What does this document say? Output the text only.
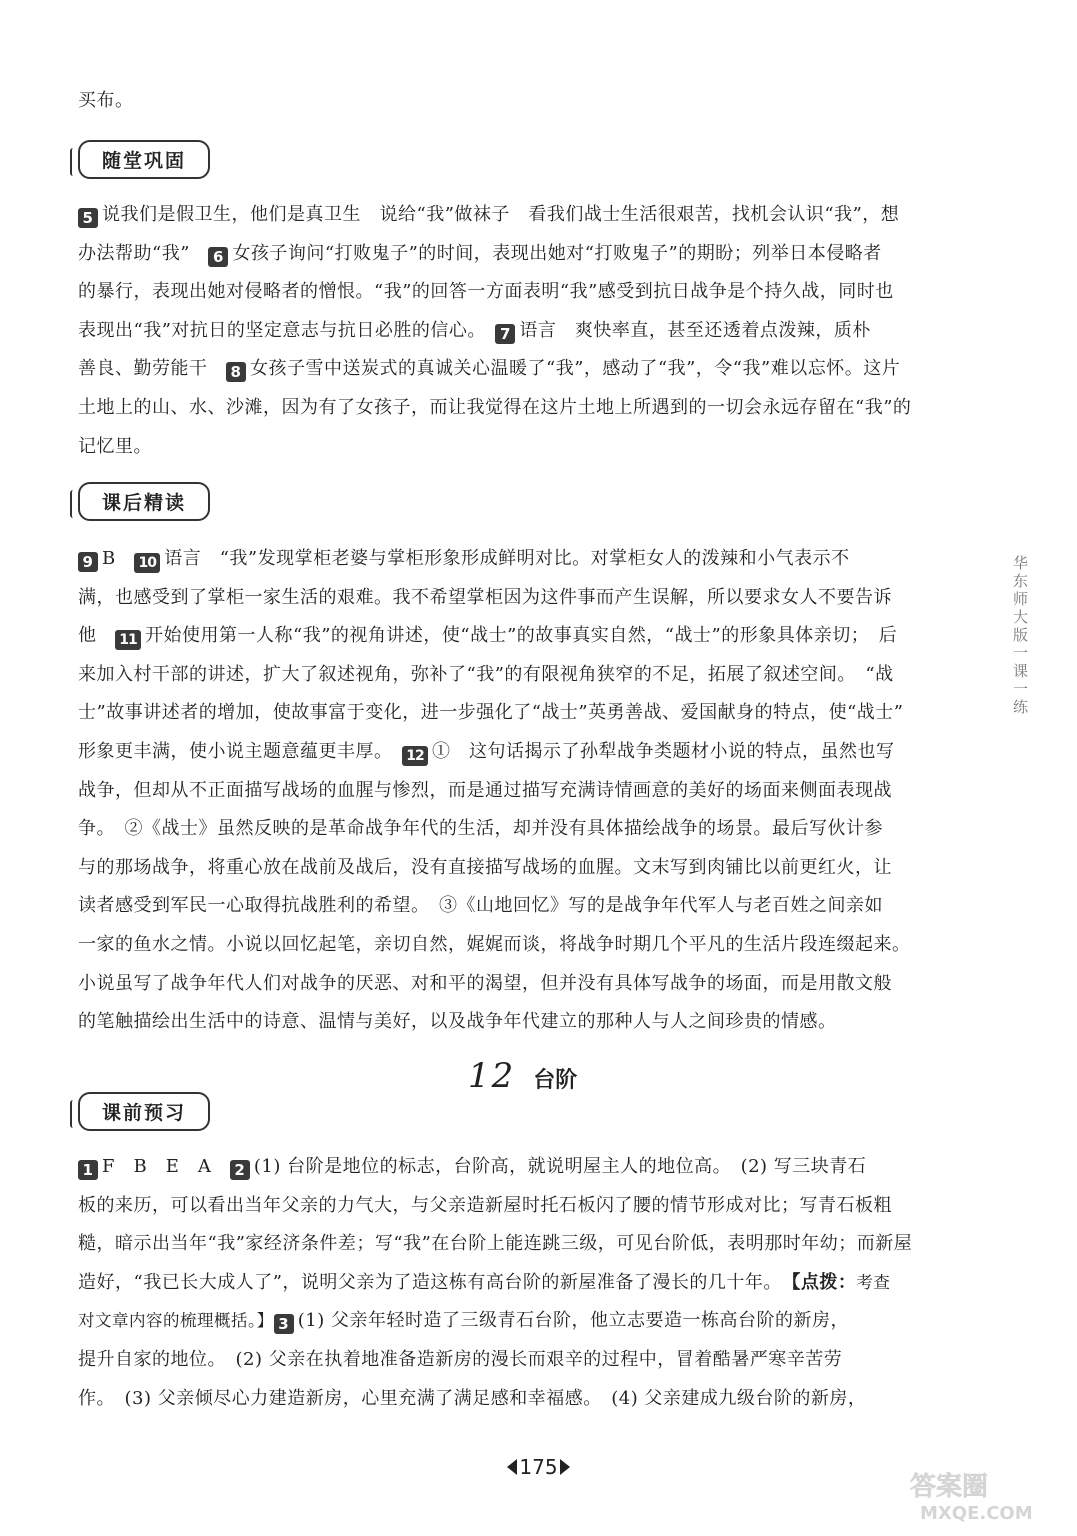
买布。
随堂巩固
5 说我们是假卫生，他们是真卫生　说给“我”做袜子　看我们战士生活很艰苦，找机会认识“我”，想
办法帮助“我”　6 女孩子询问“打败鬼子”的时间，表现出她对“打败鬼子”的期盼；列举日本侵略者
的暴行，表现出她对侵略者的憎恨。“我”的回答一方面表明“我”感受到抗日战争是个持久战，同时也
表现出“我”对抗日的坚定意志与抗日必胜的信心。　7 语言　爽快率直，甚至还透着点泼辣，质朴
善良、勤劳能干　8 女孩子雪中送炭式的真诚关心温暖了“我”，感动了“我”，令“我”难以忘怀。这片
土地上的山、水、沙滩，因为有了女孩子，而让我觉得在这片土地上所遇到的一切会永远存留在“我”的
记忆里。
课后精读
9 B　10 语言　“我”发现掌柜老婆与掌柜形象形成鲜明对比。对掌柜女人的泼辣和小气表示不
满，也感受到了掌柜一家生活的艰难。我不希望掌柜因为这件事而产生误解，所以要求女人不要告诉
他　11 开始使用第一人称“我”的视角讲述，使“战士”的故事真实自然，“战士”的形象具体亲切；　后
来加入村干部的讲述，扩大了叙述视角，弥补了“我”的有限视角狭窄的不足，拓展了叙述空间。　“战
士”故事讲述者的增加，使故事富于变化，进一步强化了“战士”英勇善战、爱国献身的特点，使“战士”
形象更丰满，使小说主题意蕴更丰厚。　12 ①　这句话揭示了孙犁战争类题材小说的特点，虽然也写
战争，但却从不正面描写战场的血腥与惨烈，而是通过描写充满诗情画意的美好的场面来侧面表现战
争。　②《战士》虽然反映的是革命战争年代的生活，却并没有具体描绘战争的场景。最后写伙计参
与的那场战争，将重心放在战前及战后，没有直接描写战场的血腥。文末写到肉铺比以前更红火，让
读者感受到军民一心取得抗战胜利的希望。　③《山地回忆》写的是战争年代军人与老百姓之间亲如
一家的鱼水之情。小说以回忆起笔，亲切自然，娓娓而谈，将战争时期几个平凡的生活片段连缀起来。
小说虽写了战争年代人们对战争的厌恶、对和平的渴望，但并没有具体写战争的场面，而是用散文般
的笔触描绘出生活中的诗意、温情与美好，以及战争年代建立的那种人与人之间珍贵的情感。
12 台阶
课前预习
1 F　B　E　A　2 (1) 台阶是地位的标志，台阶高，就说明屋主人的地位高。　(2) 写三块青石
板的来历，可以看出当年父亲的力气大，与父亲造新屋时托石板闪了腰的情节形成对比；写青石板粗
糙，暗示出当年“我”家经济条件差；写“我”在台阶上能连跳三级，可见台阶低，表明那时年幼；而新屋
造好，“我已长大成人了”，说明父亲为了造这栋有高台阶的新屋准备了漫长的几十年。　【点拨：考查
对文章内容的梳理概括。】 3 (1) 父亲年轻时造了三级青石台阶，他立志要造一栋高台阶的新房，
提升自家的地位。　(2) 父亲在执着地准备造新房的漫长而艰辛的过程中，冒着酷暑严寒辛苦劳
作。　(3) 父亲倾尽心力建造新房，心里充满了满足感和幸福感。　(4) 父亲建成九级台阶的新房，
华东师大版一课一练
175
答案圈
MXQE.COM
